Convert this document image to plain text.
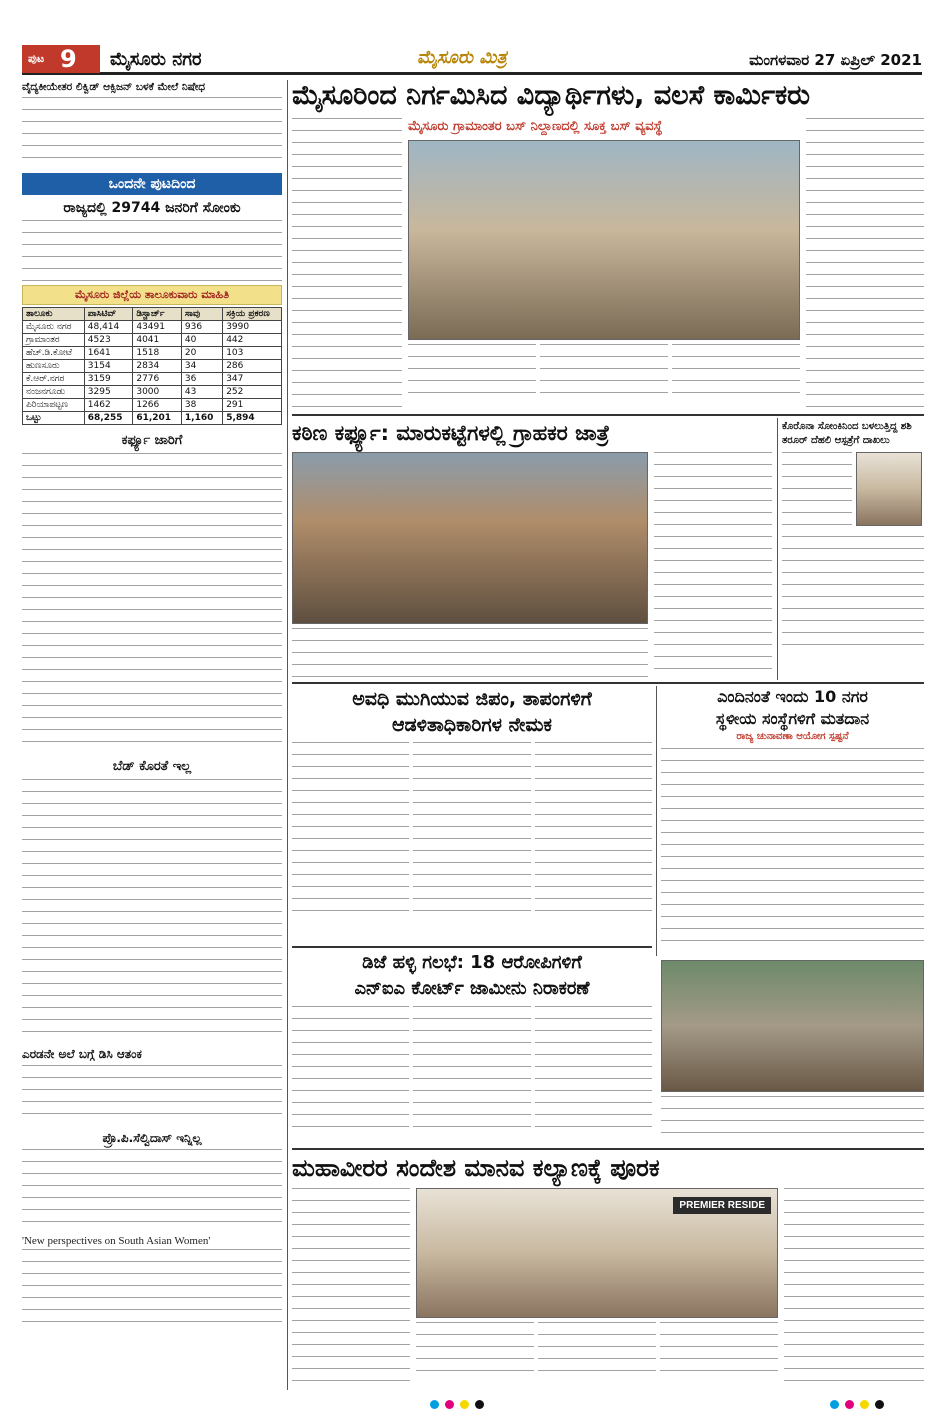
ಪುಟ 9 ಮೈಸೂರು ನಗರ	ಮೈಸೂರು ಮಿತ್ರ	ಮಂಗಳವಾರ 27 ಏಪ್ರಿಲ್ 2021
ವೈದ್ಯಕೀಯೇತರ ಲಿಕ್ವಿಡ್ ಆಕ್ಸಿಜನ್ ಬಳಕೆ ಮೇಲೆ ನಿಷೇಧ
ಒಂದನೇ ಪುಟದಿಂದ
ರಾಜ್ಯದಲ್ಲಿ 29744 ಜನರಿಗೆ ಸೋಂಕು
ಮೈಸೂರು ಜಿಲ್ಲೆಯ ತಾಲೂಕುವಾರು ಮಾಹಿತಿ
ತಾಲೂಕು	ಪಾಸಿಟಿವ್	ಡಿಸ್ಚಾರ್ಜ್	ಸಾವು	ಸಕ್ರಿಯ ಪ್ರಕರಣ
ಮೈಸೂರು ನಗರ	48,414	43491	936	3990
ಗ್ರಾಮಾಂತರ	4523	4041	40	442
ಹೆಚ್.ಡಿ.ಕೋಟೆ	1641	1518	20	103
ಹುಣಸೂರು	3154	2834	34	286
ಕೆ.ಆರ್.ನಗರ	3159	2776	36	347
ನಂಜನಗೂಡು	3295	3000	43	252
ಪಿರಿಯಾಪಟ್ಟಣ	1462	1266	38	291
ಒಟ್ಟು	68,255	61,201	1,160	5,894
ಕರ್ಫ್ಯೂ ಜಾರಿಗೆ
ಬೆಡ್ ಕೊರತೆ ಇಲ್ಲ
ಎರಡನೇ ಅಲೆ ಬಗ್ಗೆ ಡಿಸಿ ಆತಂಕ
ಪ್ರೊ.ಪಿ.ಸೆಲ್ವಿದಾಸ್ ಇನ್ನಿಲ್ಲ
'New perspectives on South Asian Women'
ಮೈಸೂರಿಂದ ನಿರ್ಗಮಿಸಿದ ವಿದ್ಯಾರ್ಥಿಗಳು, ವಲಸೆ ಕಾರ್ಮಿಕರು
ಮೈಸೂರು ಗ್ರಾಮಾಂತರ ಬಸ್ ನಿಲ್ದಾಣದಲ್ಲಿ ಸೂಕ್ತ ಬಸ್ ವ್ಯವಸ್ಥೆ
ಕಠಿಣ ಕರ್ಫ್ಯೂ: ಮಾರುಕಟ್ಟೆಗಳಲ್ಲಿ ಗ್ರಾಹಕರ ಜಾತ್ರೆ	ಕೊರೊನಾ ಸೋಂಕಿನಿಂದ ಬಳಲುತ್ತಿದ್ದ ಶಶಿ ತರೂರ್ ದೆಹಲಿ ಆಸ್ಪತ್ರೆಗೆ ದಾಖಲು
ಅವಧಿ ಮುಗಿಯುವ ಜಿಪಂ, ತಾಪಂಗಳಿಗೆ
ಆಡಳಿತಾಧಿಕಾರಿಗಳ ನೇಮಕ
ಎಂದಿನಂತೆ ಇಂದು 10 ನಗರ
ಸ್ಥಳೀಯ ಸಂಸ್ಥೆಗಳಿಗೆ ಮತದಾನ
ರಾಜ್ಯ ಚುನಾವಣಾ ಆಯೋಗ ಸ್ಪಷ್ಟನೆ
ಡಿಜೆ ಹಳ್ಳಿ ಗಲಭೆ: 18 ಆರೋಪಿಗಳಿಗೆ
ಎನ್‌ಐಎ ಕೋರ್ಟ್ ಜಾಮೀನು ನಿರಾಕರಣೆ
ಮಹಾವೀರರ ಸಂದೇಶ ಮಾನವ ಕಲ್ಯಾಣಕ್ಕೆ ಪೂರಕ
PREMIER RESIDE
